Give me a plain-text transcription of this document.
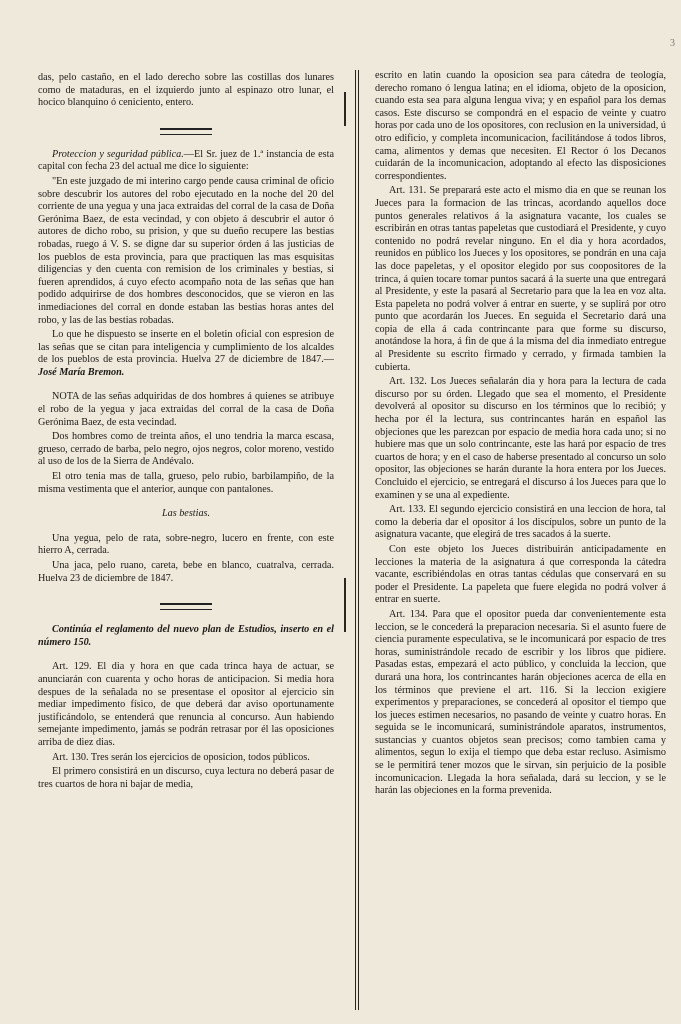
3

das, pelo castaño, en el lado derecho sobre las costillas dos lunares como de mataduras, en el izquierdo junto al espinazo otro lunar, el hocico blanquino ó ceniciento, entero.

Proteccion y seguridad pública.—El Sr. juez de 1.ª instancia de esta capital con fecha 23 del actual me dice lo siguiente:

"En este juzgado de mi interino cargo pende causa criminal de oficio sobre descubrir los autores del robo ejecutado en la noche del 20 del corriente de una yegua y una jaca extraidas del corral de la casa de Doña Gerónima Baez, de esta vecindad, y con objeto á descubrir el autor ó autores de dicho robo, su prision, y que su dueño recupere las bestias robadas, ruego á V. S. se digne dar su superior órden á las justicias de los pueblos de esta provincia, para que practiquen las mas esquisitas diligencias y den cuenta con remision de los criminales y bestias, si fueren aprendidos, á cuyo efecto acompaño nota de las señas que han podido adquirirse de dos hombres desconocidos, que se vieron en las inmediaciones del corral en donde estaban las bestias horas antes del robo, y las de las bestias robadas.

Lo que he dispuesto se inserte en el boletin oficial con espresion de las señas que se citan para inteligencia y cumplimiento de los alcaldes de los pueblos de esta provincia. Huelva 27 de diciembre de 1847.—José María Bremon.

NOTA de las señas adquiridas de dos hombres á quienes se atribuye el robo de la yegua y jaca extraidas del corral de la casa de Doña Gerónima Baez, de esta vecindad.

Dos hombres como de treinta años, el uno tendria la marca escasa, grueso, cerrado de barba, pelo negro, ojos negros, color moreno, vestido al uso de los de la Sierra de Andévalo.

El otro tenia mas de talla, grueso, pelo rubio, barbilampiño, de la misma vestimenta que el anterior, aunque con pantalones.

Las bestias.

Una yegua, pelo de rata, sobre-negro, lucero en frente, con este hierro A, cerrada.

Una jaca, pelo ruano, careta, bebe en blanco, cuatralva, cerrada. Huelva 23 de diciembre de 1847.

Continúa el reglamento del nuevo plan de Estudios, inserto en el número 150.

Art. 129. El dia y hora en que cada trinca haya de actuar, se anunciarán con cuarenta y ocho horas de anticipacion. Si media hora despues de la señalada no se presentase el opositor al ejercicio sin mediar impedimento físico, de que deberá dar aviso oportunamente justificándolo, se entenderá que renuncia al concurso. Aun habiendo semejante impedimento, jamás se podrán retrasar por él las oposiciones arriba de diez dias.

Art. 130. Tres serán los ejercicios de oposicion, todos públicos.

El primero consistirá en un discurso, cuya lectura no deberá pasar de tres cuartos de hora ni bajar de media,

escrito en latin cuando la oposicion sea para cátedra de teología, derecho romano ó lengua latina; en el idioma, objeto de la oposicion, cuando esta sea para alguna lengua viva; y en español para los demas casos. Este discurso se compondrá en el espacio de veinte y cuatro horas por cada uno de los opositores, con reclusion en la universidad, ú otro edificio, y completa incomunicacion, facilitándose á todos libros, cama, alimentos y demas que necesiten. El Rector ó los Decanos cuidarán de la incomunicacion, adoptando al efecto las disposiciones correspondientes.

Art. 131. Se preparará este acto el mismo dia en que se reunan los Jueces para la formacion de las trincas, acordando aquellos doce puntos generales relativos á la asignatura vacante, los cuales se escribirán en otras tantas papeletas que custodiará el Presidente, y cuyo contenido no podrá revelar ninguno. En el dia y hora acordados, reunidos en público los Jueces y los opositores, se pondrán en una caja las doce papeletas, y el opositor elegido por sus coopositores de la trinca, á quien tocare tomar puntos sacará á la suerte una que entregará al Presidente, y este la pasará al Secretario para que la lea en voz alta. Esta papeleta no podrá volver á entrar en suerte, y se suplirá por otro punto que acordarán los Jueces. En seguida el Secretario dará una copia de ella á cada contrincante para que forme su discurso, anotándose la hora, á fin de que á la misma del dia inmediato entregue al Presidente su escrito firmado y cerrado, y firmada tambien la cubierta.

Art. 132. Los Jueces señalarán dia y hora para la lectura de cada discurso por su órden. Llegado que sea el momento, el Presidente devolverá al opositor su discurso en los términos que lo recibió; y hecha por él la lectura, sus contrincantes harán en español las objeciones que les parezcan por espacio de media hora cada uno; si no hubiere mas que un solo contrincante, este las hará por espacio de tres cuartos de hora; y en el caso de haberse presentado al concurso un solo opositor, las objeciones se harán durante la hora entera por los Jueces. Concluido el ejercicio, se entregará el discurso á los Jueces para que lo examinen y se una al expediente.

Art. 133. El segundo ejercicio consistirá en una leccion de hora, tal como la deberia dar el opositor á los discípulos, sobre un punto de la asignatura vacante, que elegirá de tres sacados á la suerte.

Con este objeto los Jueces distribuirán anticipadamente en lecciones la materia de la asignatura á que corresponda la cátedra vacante, escribiéndolas en otras tantas cédulas que conservará en su poder el Presidente. La papeleta que fuere elegida no podrá volver á entrar en suerte.

Art. 134. Para que el opositor pueda dar convenientemente esta leccion, se le concederá la preparacion necesaria. Si el asunto fuere de ciencia puramente especulativa, se le incomunicará por espacio de tres horas, suministrándole recado de escribir y los libros que pidiere. Pasadas estas, empezará el acto público, y concluida la leccion, que durará una hora, los contrincantes harán objeciones acerca de ella en los términos que previene el art. 116. Si la leccion exigiere experimentos y preparaciones, se concederá al opositor el tiempo que los jueces estimen necesarios, no pasando de veinte y cuatro horas. En seguida se le incomunicará, suministrándole aparatos, instrumentos, sustancias y cuantos objetos sean precisos; como tambien cama y alimentos, segun lo exija el tiempo que deba estar recluso. Asimismo se le permitirá tener mozos que le sirvan, sin perjuicio de la posible incomunicacion. Llegada la hora señalada, dará su leccion, y se le harán las objeciones en la forma prevenida.
